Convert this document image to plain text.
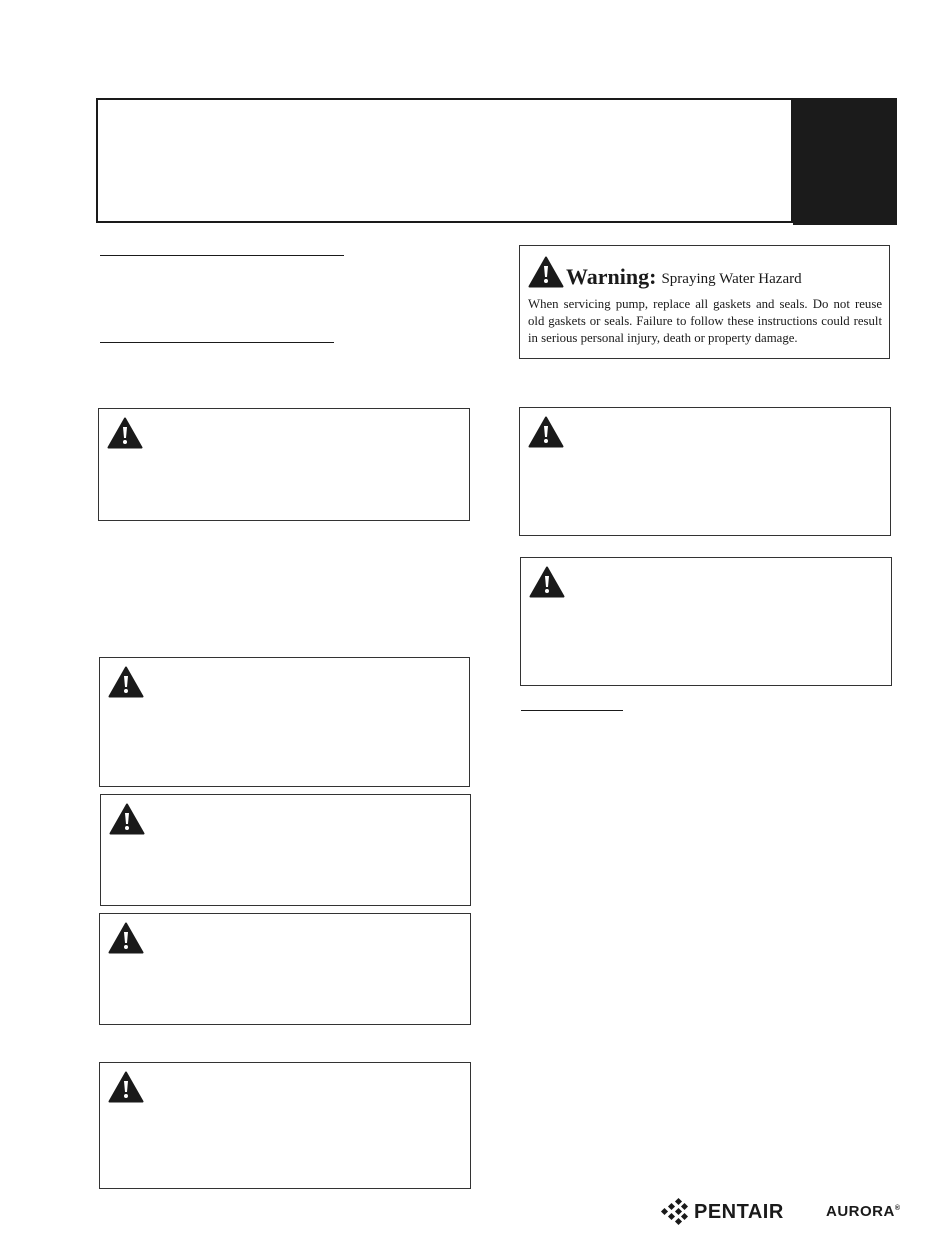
Warning: Spraying Water Hazard
When servicing pump, replace all gaskets and seals. Do not reuse old gaskets or seals. Failure to follow these instructions could result in serious personal injury, death or property damage.
PENTAIR	AURORA®
